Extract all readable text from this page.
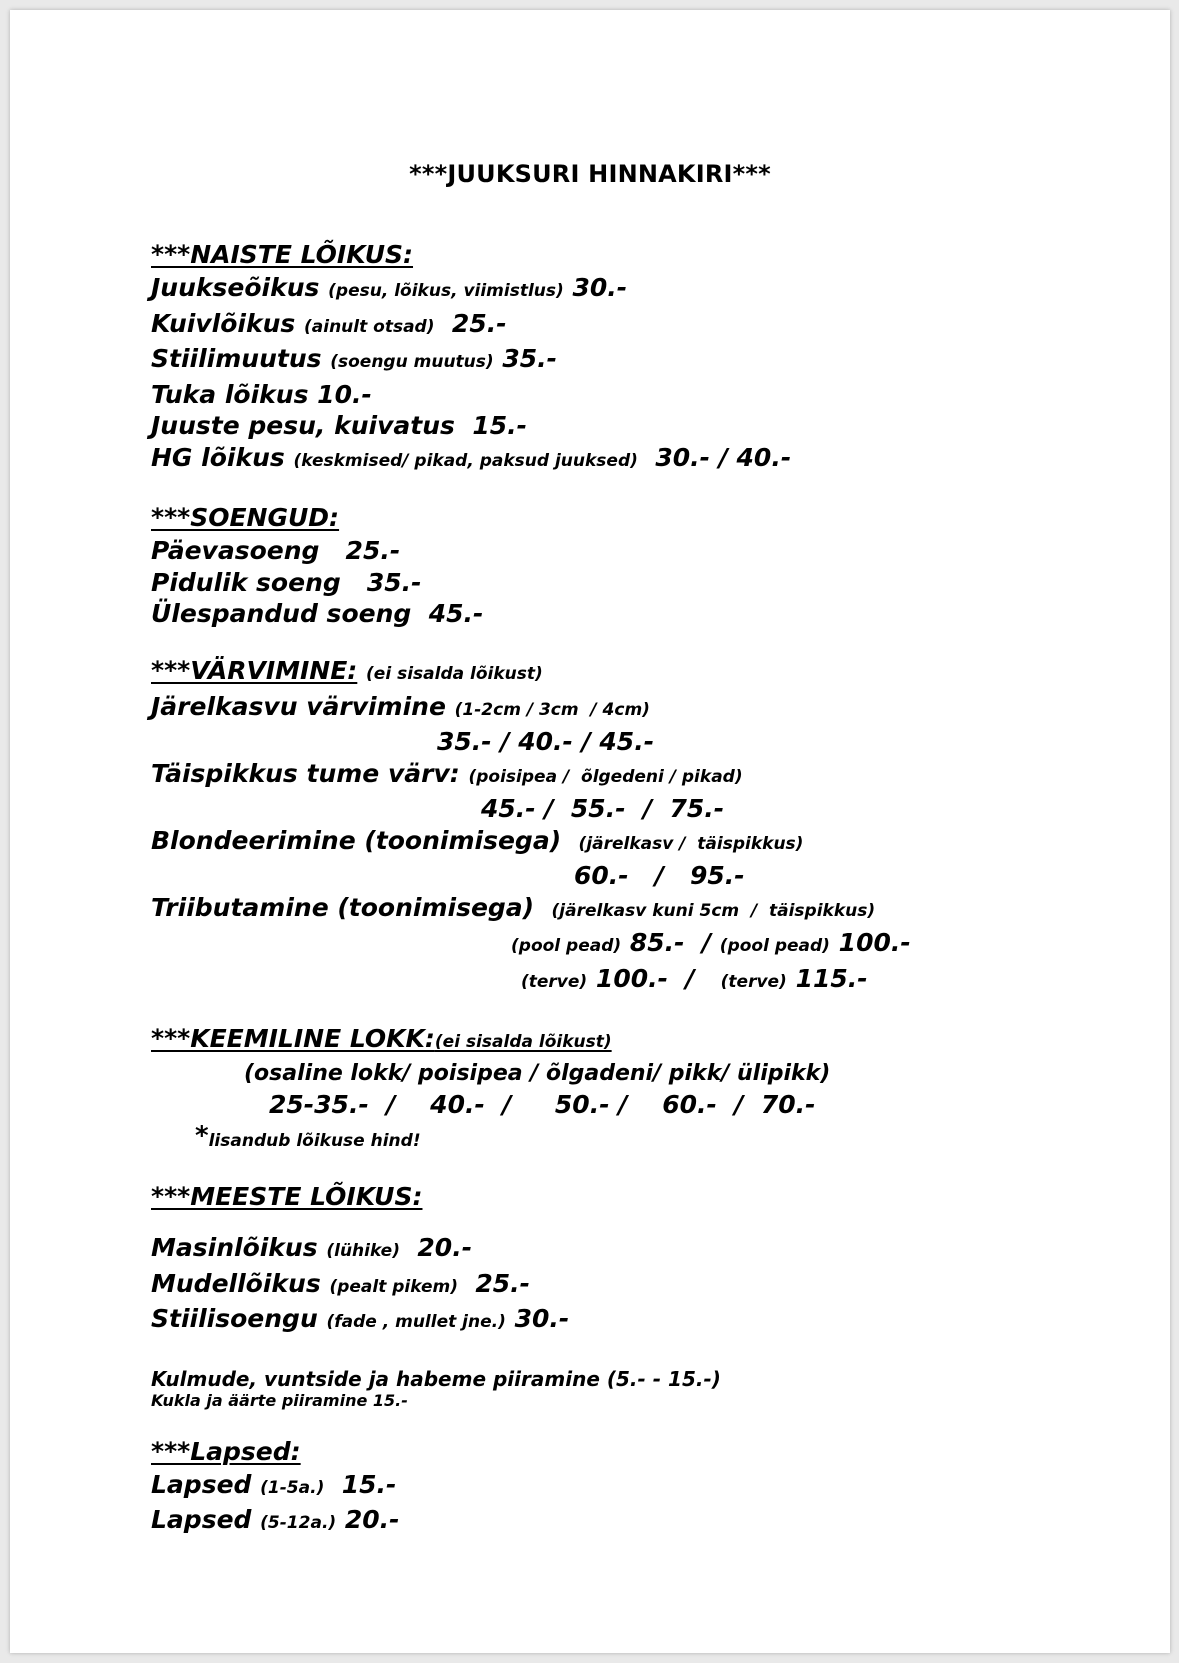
***JUUKSURI HINNAKIRI***
***NAISTE LÕIKUS:
Juukseõikus (pesu, lõikus, viimistlus) 30.-
Kuivlõikus (ainult otsad) 25.-
Stiilimuutus (soengu muutus) 35.-
Tuka lõikus 10.-
Juuste pesu, kuivatus 15.-
HG lõikus (keskmised/ pikad, paksud juuksed) 30.- / 40.-
***SOENGUD:
Päevasoeng 25.-
Pidulik soeng 35.-
Ülespandud soeng 45.-
***VÄRVIMINE: (ei sisalda lõikust)
Järelkasvu värvimine (1-2cm / 3cm  / 4cm)
35.- / 40.- / 45.-
Täispikkus tume värv: (poisipea /  õlgedeni / pikad)
45.- /  55.-  /  75.-
Blondeerimine (toonimisega) (järelkasv /  täispikkus)
60.-   /   95.-
Triibutamine (toonimisega) (järelkasv kuni 5cm  /  täispikkus)
(pool pead) 85.-  / (pool pead) 100.-
(terve) 100.-  /   (terve) 115.-
***KEEMILINE LOKK:(ei sisalda lõikust)
(osaline lokk/ poisipea / õlgadeni/ pikk/ ülipikk)
25-35.-  /    40.-  /     50.- /    60.-  /  70.-
*lisandub lõikuse hind!
***MEESTE LÕIKUS:
Masinlõikus (lühike) 20.-
Mudellõikus (pealt pikem) 25.-
Stiilisoengu (fade , mullet jne.) 30.-
Kulmude, vuntside ja habeme piiramine (5.- - 15.-)
Kukla ja äärte piiramine 15.-
***Lapsed:
Lapsed (1-5a.) 15.-
Lapsed (5-12a.) 20.-
